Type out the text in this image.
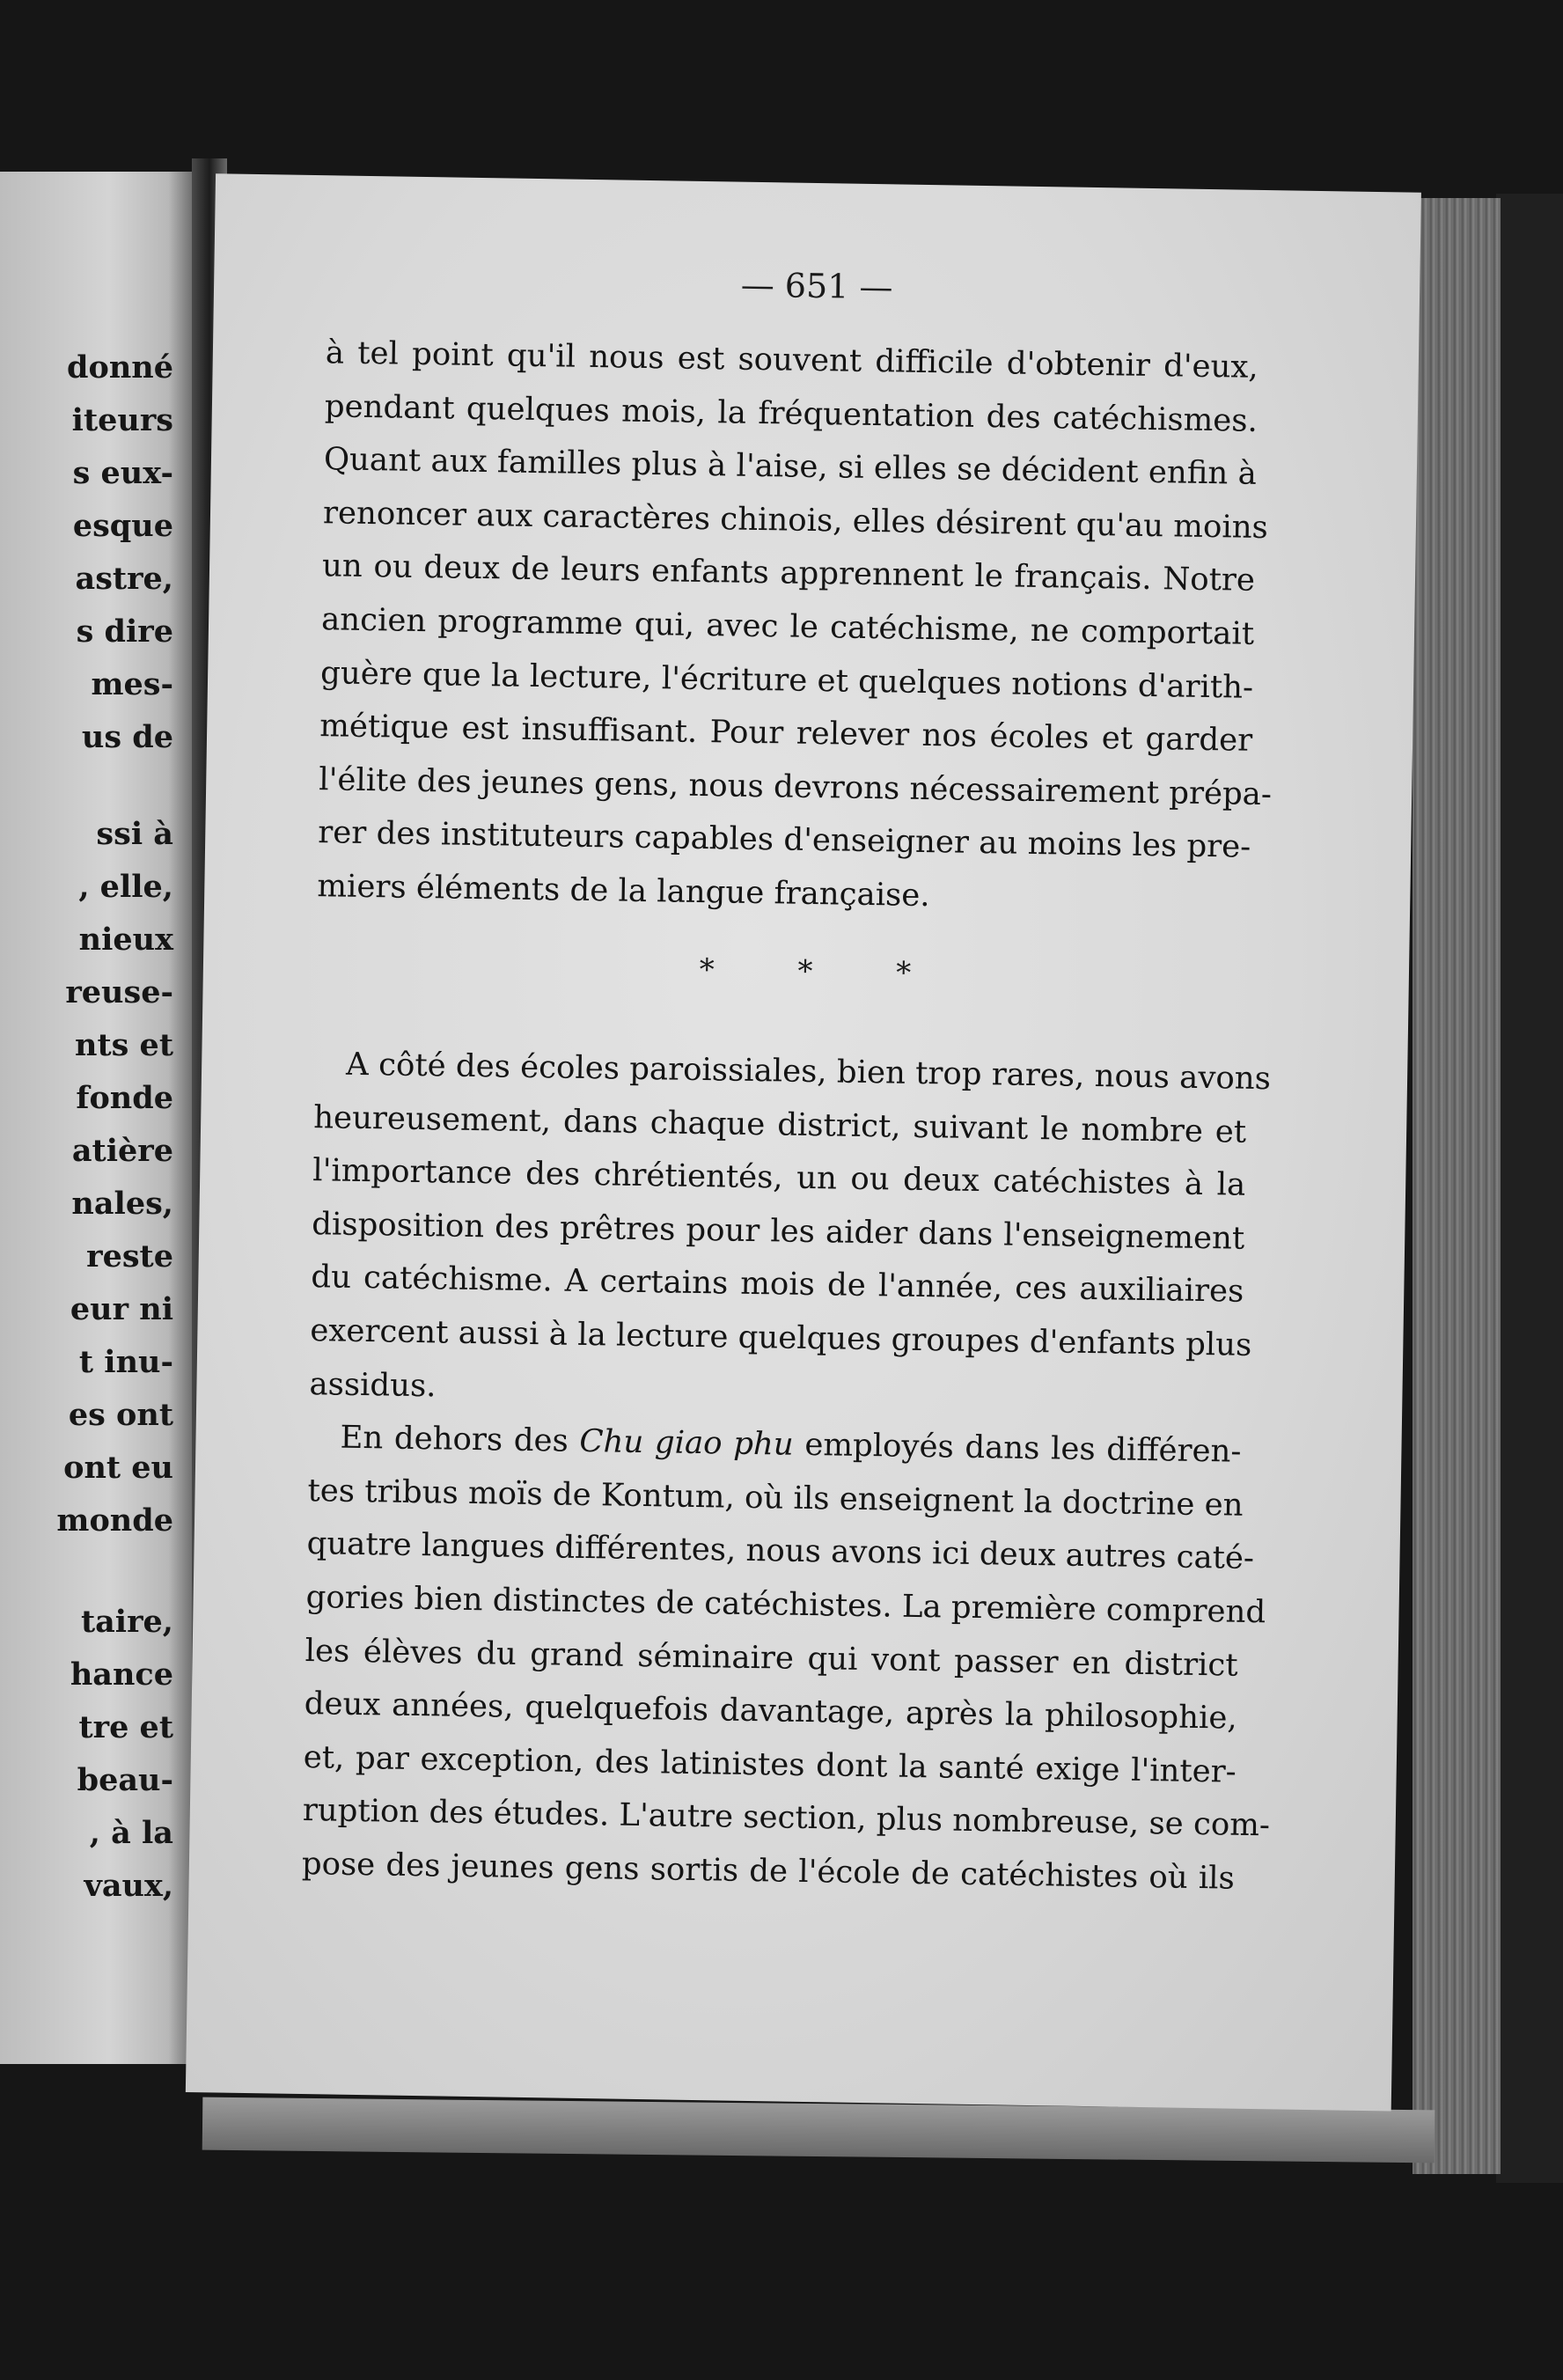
donné
iteurs
s eux-
esque
astre,
s dire
mes-
us de
ssi à
, elle,
nieux
reuse-
nts et
fonde
atière
nales,
reste
eur ni
t inu-
es ont
ont eu
monde
taire,
hance
tre et
beau-
, à la
vaux,
— 651 —
à tel point qu'il nous est souvent difficile d'obtenir d'eux,
pendant quelques mois, la fréquentation des catéchismes.
Quant aux familles plus à l'aise, si elles se décident enfin à
renoncer aux caractères chinois, elles désirent qu'au moins
un ou deux de leurs enfants apprennent le français. Notre
ancien programme qui, avec le catéchisme, ne comportait
guère que la lecture, l'écriture et quelques notions d'arith-
métique est insuffisant. Pour relever nos écoles et garder
l'élite des jeunes gens, nous devrons nécessairement prépa-
rer des instituteurs capables d'enseigner au moins les pre-
miers éléments de la langue française.
* * *
A côté des écoles paroissiales, bien trop rares, nous avons
heureusement, dans chaque district, suivant le nombre et
l'importance des chrétientés, un ou deux catéchistes à la
disposition des prêtres pour les aider dans l'enseignement
du catéchisme. A certains mois de l'année, ces auxiliaires
exercent aussi à la lecture quelques groupes d'enfants plus
assidus.
En dehors des Chu giao phu employés dans les différen-
tes tribus moïs de Kontum, où ils enseignent la doctrine en
quatre langues différentes, nous avons ici deux autres caté-
gories bien distinctes de catéchistes. La première comprend
les élèves du grand séminaire qui vont passer en district
deux années, quelquefois davantage, après la philosophie,
et, par exception, des latinistes dont la santé exige l'inter-
ruption des études. L'autre section, plus nombreuse, se com-
pose des jeunes gens sortis de l'école de catéchistes où ils
